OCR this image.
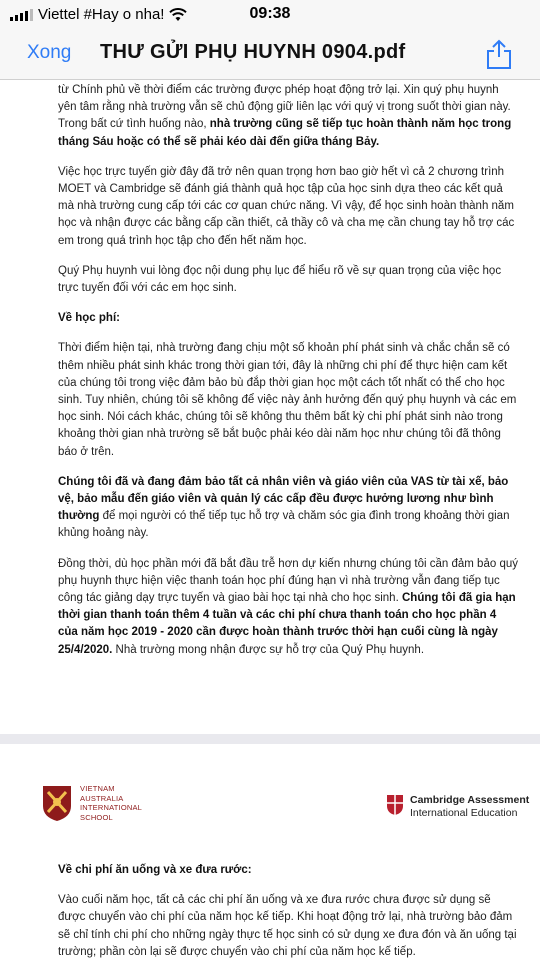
Viettel #Hay o nha!	09:38
Xong THƯ GỬI PHỤ HUYNH 0904.pdf

từ Chính phủ về thời điểm các trường được phép hoạt động trở lại. Xin quý phụ huynh yên tâm rằng nhà trường vẫn sẽ chủ động giữ liên lạc với quý vị trong suốt thời gian này. Trong bất cứ tình huống nào, nhà trường cũng sẽ tiếp tục hoàn thành năm học trong tháng Sáu hoặc có thể sẽ phải kéo dài đến giữa tháng Bảy.

Việc học trực tuyến giờ đây đã trở nên quan trọng hơn bao giờ hết vì cả 2 chương trình MOET và Cambridge sẽ đánh giá thành quả học tập của học sinh dựa theo các kết quả mà nhà trường cung cấp tới các cơ quan chức năng. Vì vậy, để học sinh hoàn thành năm học và nhận được các bằng cấp cần thiết, cả thầy cô và cha mẹ cần chung tay hỗ trợ các em trong quá trình học tập cho đến hết năm học.

Quý Phụ huynh vui lòng đọc nội dung phụ lục để hiểu rõ về sự quan trọng của việc học trực tuyến đối với các em học sinh.

Về học phí:

Thời điểm hiện tại, nhà trường đang chịu một số khoản phí phát sinh và chắc chắn sẽ có thêm nhiều phát sinh khác trong thời gian tới, đây là những chi phí để thực hiện cam kết của chúng tôi trong việc đảm bảo bù đắp thời gian học một cách tốt nhất có thể cho học sinh. Tuy nhiên, chúng tôi sẽ không để việc này ảnh hưởng đến quý phụ huynh và các em học sinh. Nói cách khác, chúng tôi sẽ không thu thêm bất kỳ chi phí phát sinh nào trong khoảng thời gian nhà trường sẽ bắt buộc phải kéo dài năm học như chúng tôi đã thông báo ở trên.

Chúng tôi đã và đang đảm bảo tất cả nhân viên và giáo viên của VAS từ tài xế, bảo vệ, bảo mẫu đến giáo viên và quản lý các cấp đều được hưởng lương như bình thường để mọi người có thể tiếp tục hỗ trợ và chăm sóc gia đình trong khoảng thời gian khủng hoảng này.

Đồng thời, dù học phần mới đã bắt đầu trễ hơn dự kiến nhưng chúng tôi cần đảm bảo quý phụ huynh thực hiện việc thanh toán học phí đúng hạn vì nhà trường vẫn đang tiếp tục công tác giảng dạy trực tuyến và giao bài học tại nhà cho học sinh. Chúng tôi đã gia hạn thời gian thanh toán thêm 4 tuần và các chi phí chưa thanh toán cho học phần 4 của năm học 2019 - 2020 cần được hoàn thành trước thời hạn cuối cùng là ngày 25/4/2020. Nhà trường mong nhận được sự hỗ trợ của Quý Phụ huynh.

VIETNAM
AUSTRALIA
INTERNATIONAL
SCHOOL
Cambridge Assessment
International Education

Về chi phí ăn uống và xe đưa rước:

Vào cuối năm học, tất cả các chi phí ăn uống và xe đưa rước chưa được sử dụng sẽ được chuyển vào chi phí của năm học kế tiếp. Khi hoạt động trở lại, nhà trường bảo đảm sẽ chỉ tính chi phí cho những ngày thực tế học sinh có sử dụng xe đưa đón và ăn uống tại trường; phần còn lại sẽ được chuyển vào chi phí của năm học kế tiếp.
